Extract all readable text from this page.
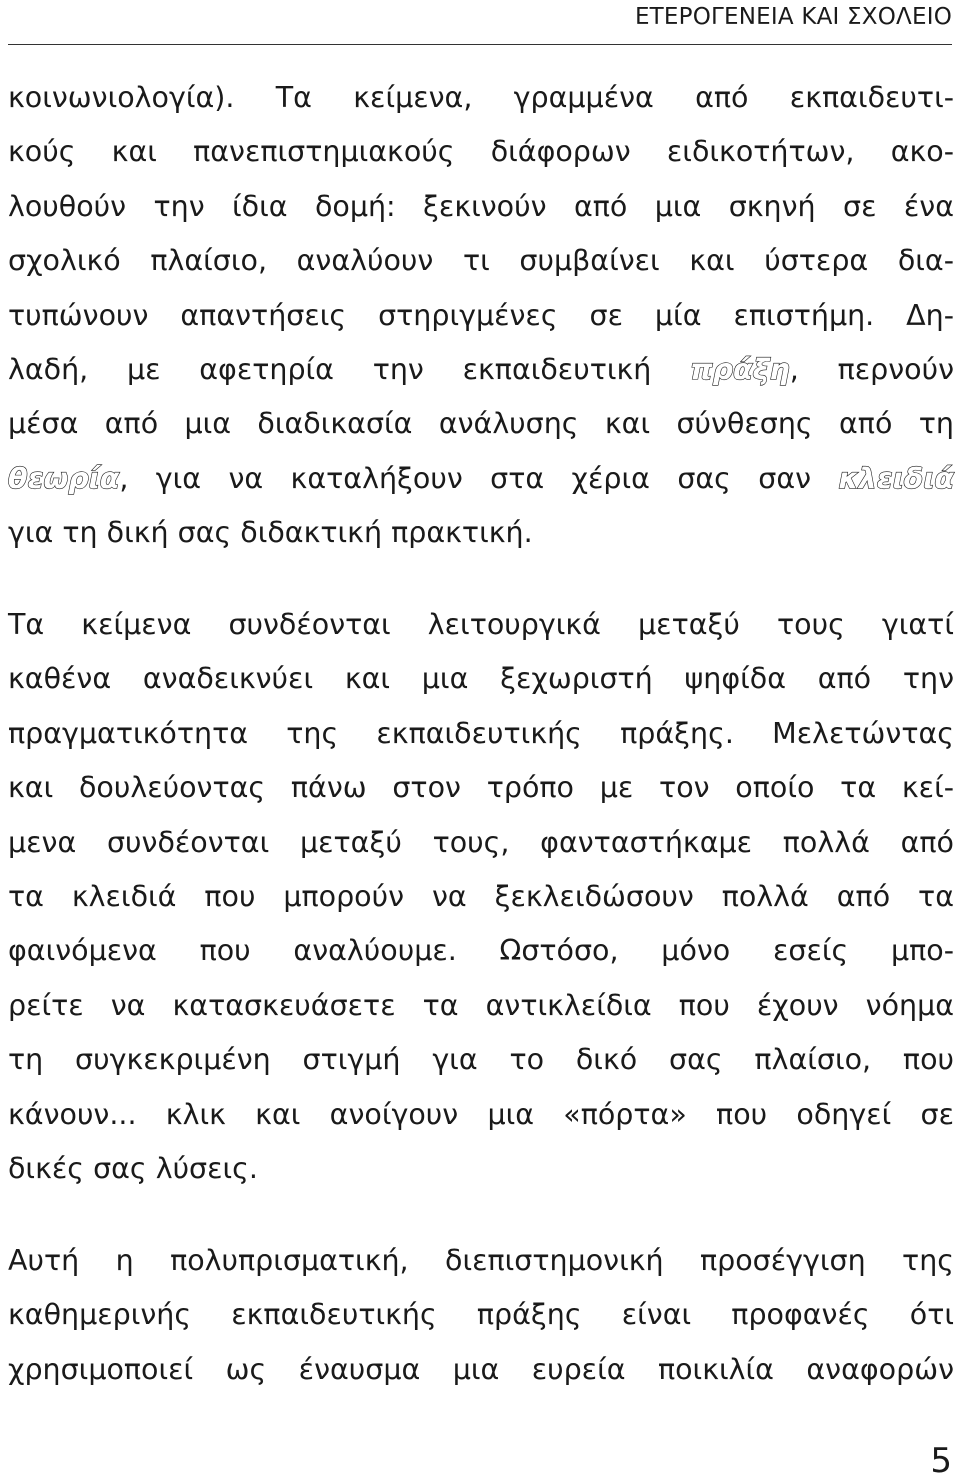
ΕΤΕΡΟΓΕΝΕΙΑ ΚΑΙ ΣΧΟΛΕΙΟ
κοινωνιολογία). Τα κείμενα, γραμμένα από εκπαιδευτι-
κούς και πανεπιστημιακούς διάφορων ειδικοτήτων, ακο-
λουθούν την ίδια δομή: ξεκινούν από μια σκηνή σε ένα
σχολικό πλαίσιο, αναλύουν τι συμβαίνει και ύστερα δια-
τυπώνουν απαντήσεις στηριγμένες σε μία επιστήμη. Δη-
λαδή, με αφετηρία την εκπαιδευτική πράξη, περνούν
μέσα από μια διαδικασία ανάλυσης και σύνθεσης από τη
θεωρία, για να καταλήξουν στα χέρια σας σαν κλειδιά
για τη δική σας διδακτική πρακτική.
Τα κείμενα συνδέονται λειτουργικά μεταξύ τους γιατί
καθένα αναδεικνύει και μια ξεχωριστή ψηφίδα από την
πραγματικότητα της εκπαιδευτικής πράξης. Μελετώντας
και δουλεύοντας πάνω στον τρόπο με τον οποίο τα κεί-
μενα συνδέονται μεταξύ τους, φανταστήκαμε πολλά από
τα κλειδιά που μπορούν να ξεκλειδώσουν πολλά από τα
φαινόμενα που αναλύουμε. Ωστόσο, μόνο εσείς μπο-
ρείτε να κατασκευάσετε τα αντικλείδια που έχουν νόημα
τη συγκεκριμένη στιγμή για το δικό σας πλαίσιο, που
κάνουν... κλικ και ανοίγουν μια «πόρτα» που οδηγεί σε
δικές σας λύσεις.
Αυτή η πολυπρισματική, διεπιστημονική προσέγγιση της
καθημερινής εκπαιδευτικής πράξης είναι προφανές ότι
χρησιμοποιεί ως έναυσμα μια ευρεία ποικιλία αναφορών
5
